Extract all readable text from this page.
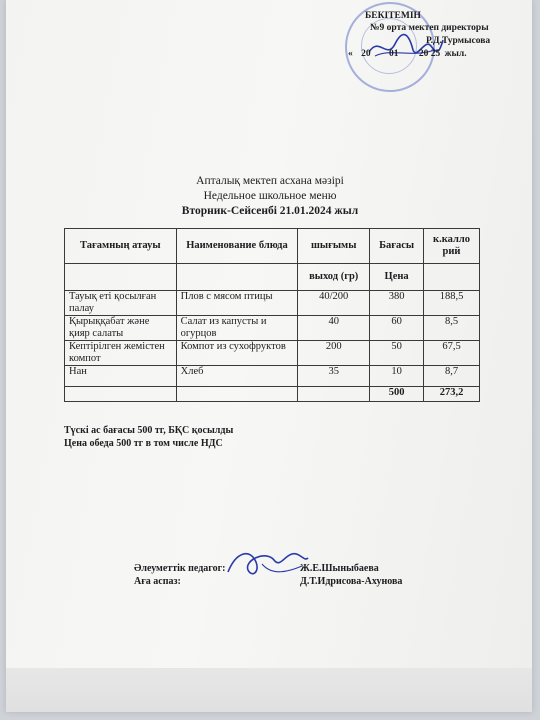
БЕКІТЕМІН
№9 орта мектеп директоры
Р.Д.Турмысова
« 20 01 20 25 жыл.
Апталық мектеп асхана мәзірі
Недельное школьное меню
Вторник-Сейсенбі 21.01.2024 жыл
Тағамның атауы	Наименование блюда	шығымы	Бағасы	к.калло рий
		выход (гр)	Цена	
Тауық еті қосылған палау	Плов с мясом птицы	40/200	380	188,5
Қырыққабат және қияр салаты	Салат из капусты и огурцов	40	60	8,5
Кептірілген жемістен компот	Компот из сухофруктов	200	50	67,5
Нан	Хлеб	35	10	8,7
			500	273,2
Түскі ас бағасы 500 тг, БҚС қосылды
Цена обеда 500 тг в том числе НДС
Әлеуметтік педагог:	Ж.Е.Шыныбаева
Аға аспаз:	Д.Т.Идрисова-Ахунова
